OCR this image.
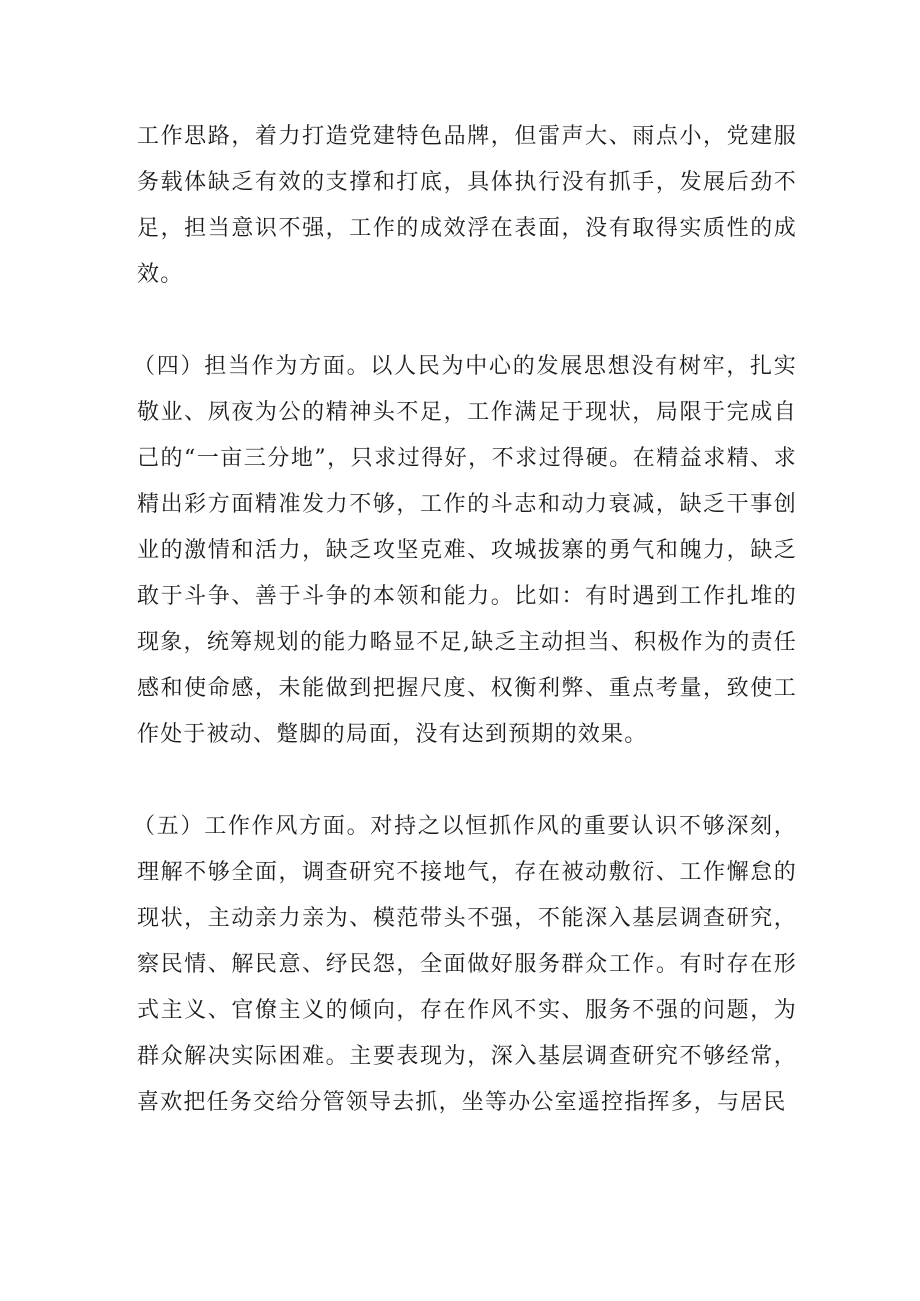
工作思路，着力打造党建特色品牌，但雷声大、雨点小，党建服务载体缺乏有效的支撑和打底，具体执行没有抓手，发展后劲不足，担当意识不强，工作的成效浮在表面，没有取得实质性的成效。

（四）担当作为方面。以人民为中心的发展思想没有树牢，扎实敬业、夙夜为公的精神头不足，工作满足于现状，局限于完成自己的“一亩三分地”，只求过得好，不求过得硬。在精益求精、求精出彩方面精准发力不够，工作的斗志和动力衰减，缺乏干事创业的激情和活力，缺乏攻坚克难、攻城拔寨的勇气和魄力，缺乏敢于斗争、善于斗争的本领和能力。比如：有时遇到工作扎堆的现象，统筹规划的能力略显不足,缺乏主动担当、积极作为的责任感和使命感，未能做到把握尺度、权衡利弊、重点考量，致使工作处于被动、蹩脚的局面，没有达到预期的效果。

（五）工作作风方面。对持之以恒抓作风的重要认识不够深刻，理解不够全面，调查研究不接地气，存在被动敷衍、工作懈怠的现状，主动亲力亲为、模范带头不强，不能深入基层调查研究，察民情、解民意、纾民怨，全面做好服务群众工作。有时存在形式主义、官僚主义的倾向，存在作风不实、服务不强的问题，为群众解决实际困难。主要表现为，深入基层调查研究不够经常，喜欢把任务交给分管领导去抓，坐等办公室遥控指挥多，与居民
